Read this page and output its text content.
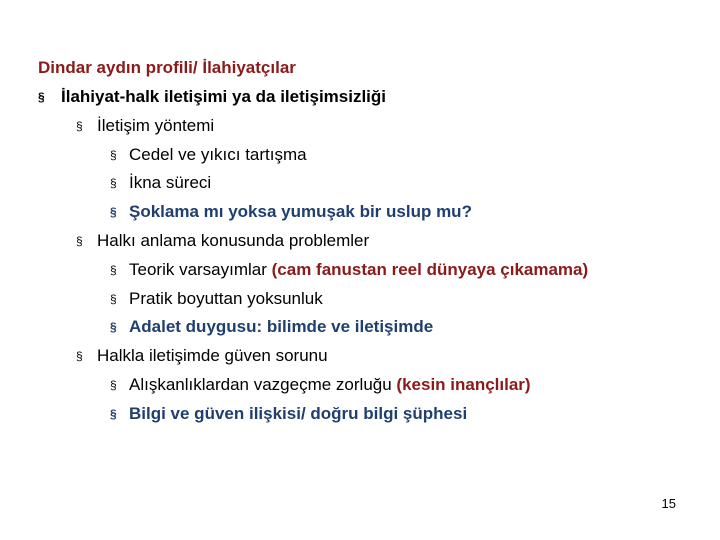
Dindar aydın profili/ İlahiyatçılar
§ İlahiyat-halk iletişimi ya da iletişimsizliği
§ İletişim yöntemi
§ Cedel ve yıkıcı tartışma
§ İkna süreci
§ Şoklama mı yoksa yumuşak bir uslup mu?
§ Halkı anlama konusunda problemler
§ Teorik varsayımlar (cam fanustan reel dünyaya çıkamama)
§ Pratik boyuttan yoksunluk
§ Adalet duygusu: bilimde ve iletişimde
§ Halkla iletişimde güven sorunu
§ Alışkanlıklardan vazgeçme zorluğu (kesin inançlılar)
§ Bilgi ve güven ilişkisi/ doğru bilgi şüphesi
15
